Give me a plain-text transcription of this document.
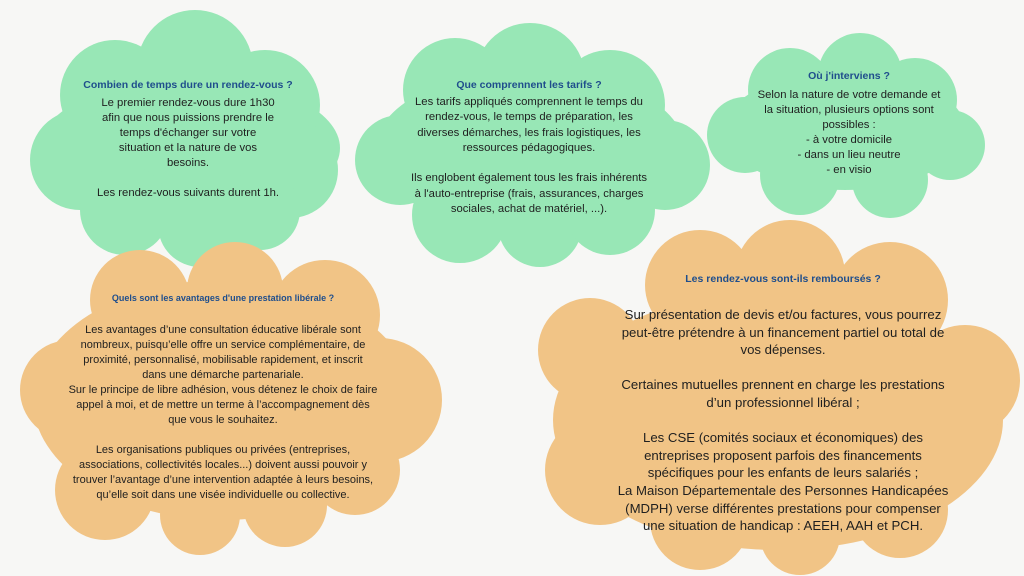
Combien de temps dure un rendez-vous ?
Le premier rendez-vous dure 1h30
afin que nous puissions prendre le
temps d'échanger sur votre
situation et la nature de vos
besoins.

Les rendez-vous suivants durent 1h.
Que comprennent les tarifs ?
Les tarifs appliqués comprennent le temps du
rendez-vous, le temps de préparation, les
diverses démarches, les frais logistiques, les
ressources pédagogiques.

Ils englobent également tous les frais inhérents
à l'auto-entreprise (frais, assurances, charges
sociales, achat de matériel, ...).
Où j'interviens ?
Selon la nature de votre demande et
la situation, plusieurs options sont
possibles :
- à votre domicile
- dans un lieu neutre
- en visio
Quels sont les avantages d'une prestation libérale ?
Les avantages d’une consultation éducative libérale sont
nombreux, puisqu’elle offre un service complémentaire, de
proximité, personnalisé, mobilisable rapidement, et inscrit
dans une démarche partenariale.
Sur le principe de libre adhésion, vous détenez le choix de faire
appel à moi, et de mettre un terme à l’accompagnement dès
que vous le souhaitez.

Les organisations publiques ou privées (entreprises,
associations, collectivités locales...) doivent aussi pouvoir y
trouver l’avantage d’une intervention adaptée à leurs besoins,
qu’elle soit dans une visée individuelle ou collective.
Les rendez-vous sont-ils remboursés ?
Sur présentation de devis et/ou factures, vous pourrez
peut-être prétendre à un financement partiel ou total de
vos dépenses.

Certaines mutuelles prennent en charge les prestations
d’un professionnel libéral ;

Les CSE (comités sociaux et économiques) des
entreprises proposent parfois des financements
spécifiques pour les enfants de leurs salariés ;
La Maison Départementale des Personnes Handicapées
(MDPH) verse différentes prestations pour compenser
une situation de handicap : AEEH, AAH et PCH.
